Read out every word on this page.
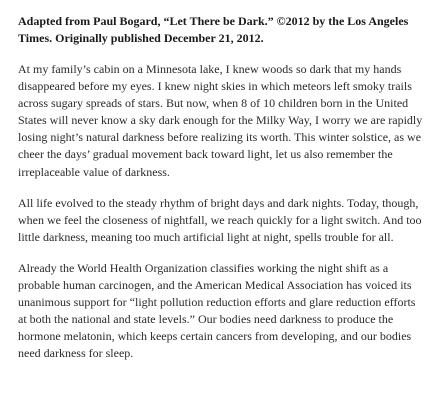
Adapted from Paul Bogard, “Let There be Dark.” ©2012 by the Los Angeles Times. Originally published December 21, 2012.

At my family’s cabin on a Minnesota lake, I knew woods so dark that my hands disappeared before my eyes. I knew night skies in which meteors left smoky trails across sugary spreads of stars. But now, when 8 of 10 children born in the United States will never know a sky dark enough for the Milky Way, I worry we are rapidly losing night’s natural darkness before realizing its worth. This winter solstice, as we cheer the days’ gradual movement back toward light, let us also remember the irreplaceable value of darkness.

All life evolved to the steady rhythm of bright days and dark nights. Today, though, when we feel the closeness of nightfall, we reach quickly for a light switch. And too little darkness, meaning too much artificial light at night, spells trouble for all.

Already the World Health Organization classifies working the night shift as a probable human carcinogen, and the American Medical Association has voiced its unanimous support for “light pollution reduction efforts and glare reduction efforts at both the national and state levels.” Our bodies need darkness to produce the hormone melatonin, which keeps certain cancers from developing, and our bodies need darkness for sleep.
